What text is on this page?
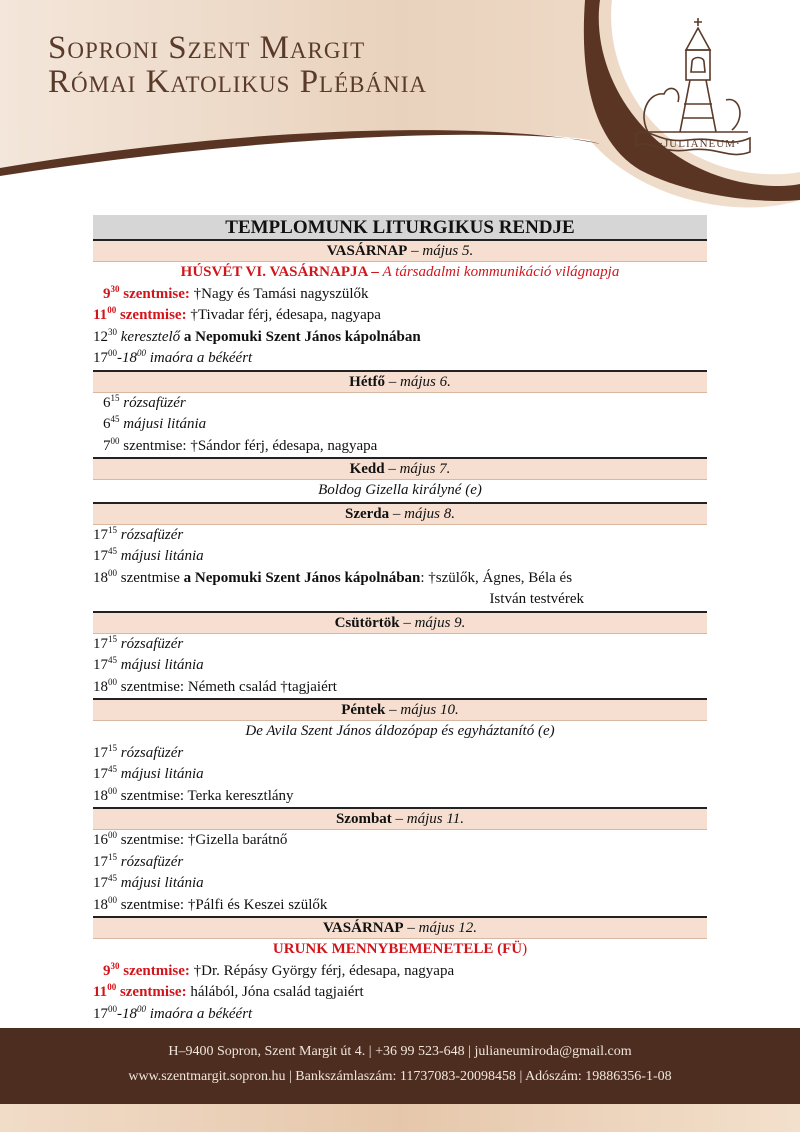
Soproni Szent Margit
Római Katolikus Plébánia
·JULIANEUM·
TEMPLOMUNK LITURGIKUS RENDJE
VASÁRNAP – május 5.
HÚSVÉT VI. VASÁRNAPJA – A társadalmi kommunikáció világnapja
$9^{30}$ szentmise: †Nagy és Tamási nagyszülők
$11^{00}$ szentmise: †Tivadar férj, édesapa, nagyapa
$12^{30}$ keresztelő a Nepomuki Szent János kápolnában
$17^{00}-18^{00}$ imaóra a békéért
Hétfő – május 6.
$6^{15}$ rózsafüzér
$6^{45}$ májusi litánia
$7^{00}$ szentmise: †Sándor férj, édesapa, nagyapa
Kedd – május 7.
Boldog Gizella királyné (e)
Szerda – május 8.
$17^{15}$ rózsafüzér
$17^{45}$ májusi litánia
$18^{00}$ szentmise a Nepomuki Szent János kápolnában: †szülők, Ágnes, Béla és
István testvérek
Csütörtök – május 9.
$17^{15}$ rózsafüzér
$17^{45}$ májusi litánia
$18^{00}$ szentmise: Németh család †tagjaiért
Péntek – május 10.
De Avila Szent János áldozópap és egyháztanító (e)
$17^{15}$ rózsafüzér
$17^{45}$ májusi litánia
$18^{00}$ szentmise: Terka keresztlány
Szombat – május 11.
$16^{00}$ szentmise: †Gizella barátnő
$17^{15}$ rózsafüzér
$17^{45}$ májusi litánia
$18^{00}$ szentmise: †Pálfi és Keszei szülők
VASÁRNAP – május 12.
URUNK MENNYBEMENETELE (FÜ)
$9^{30}$ szentmise: †Dr. Répásy György férj, édesapa, nagyapa
$11^{00}$ szentmise: hálából, Jóna család tagjaiért
$17^{00}-18^{00}$ imaóra a békéért
H–9400 Sopron, Szent Margit út 4. | +36 99 523-648 | julianeumiroda@gmail.com
www.szentmargit.sopron.hu | Bankszámlaszám: 11737083-20098458 | Adószám: 19886356-1-08
